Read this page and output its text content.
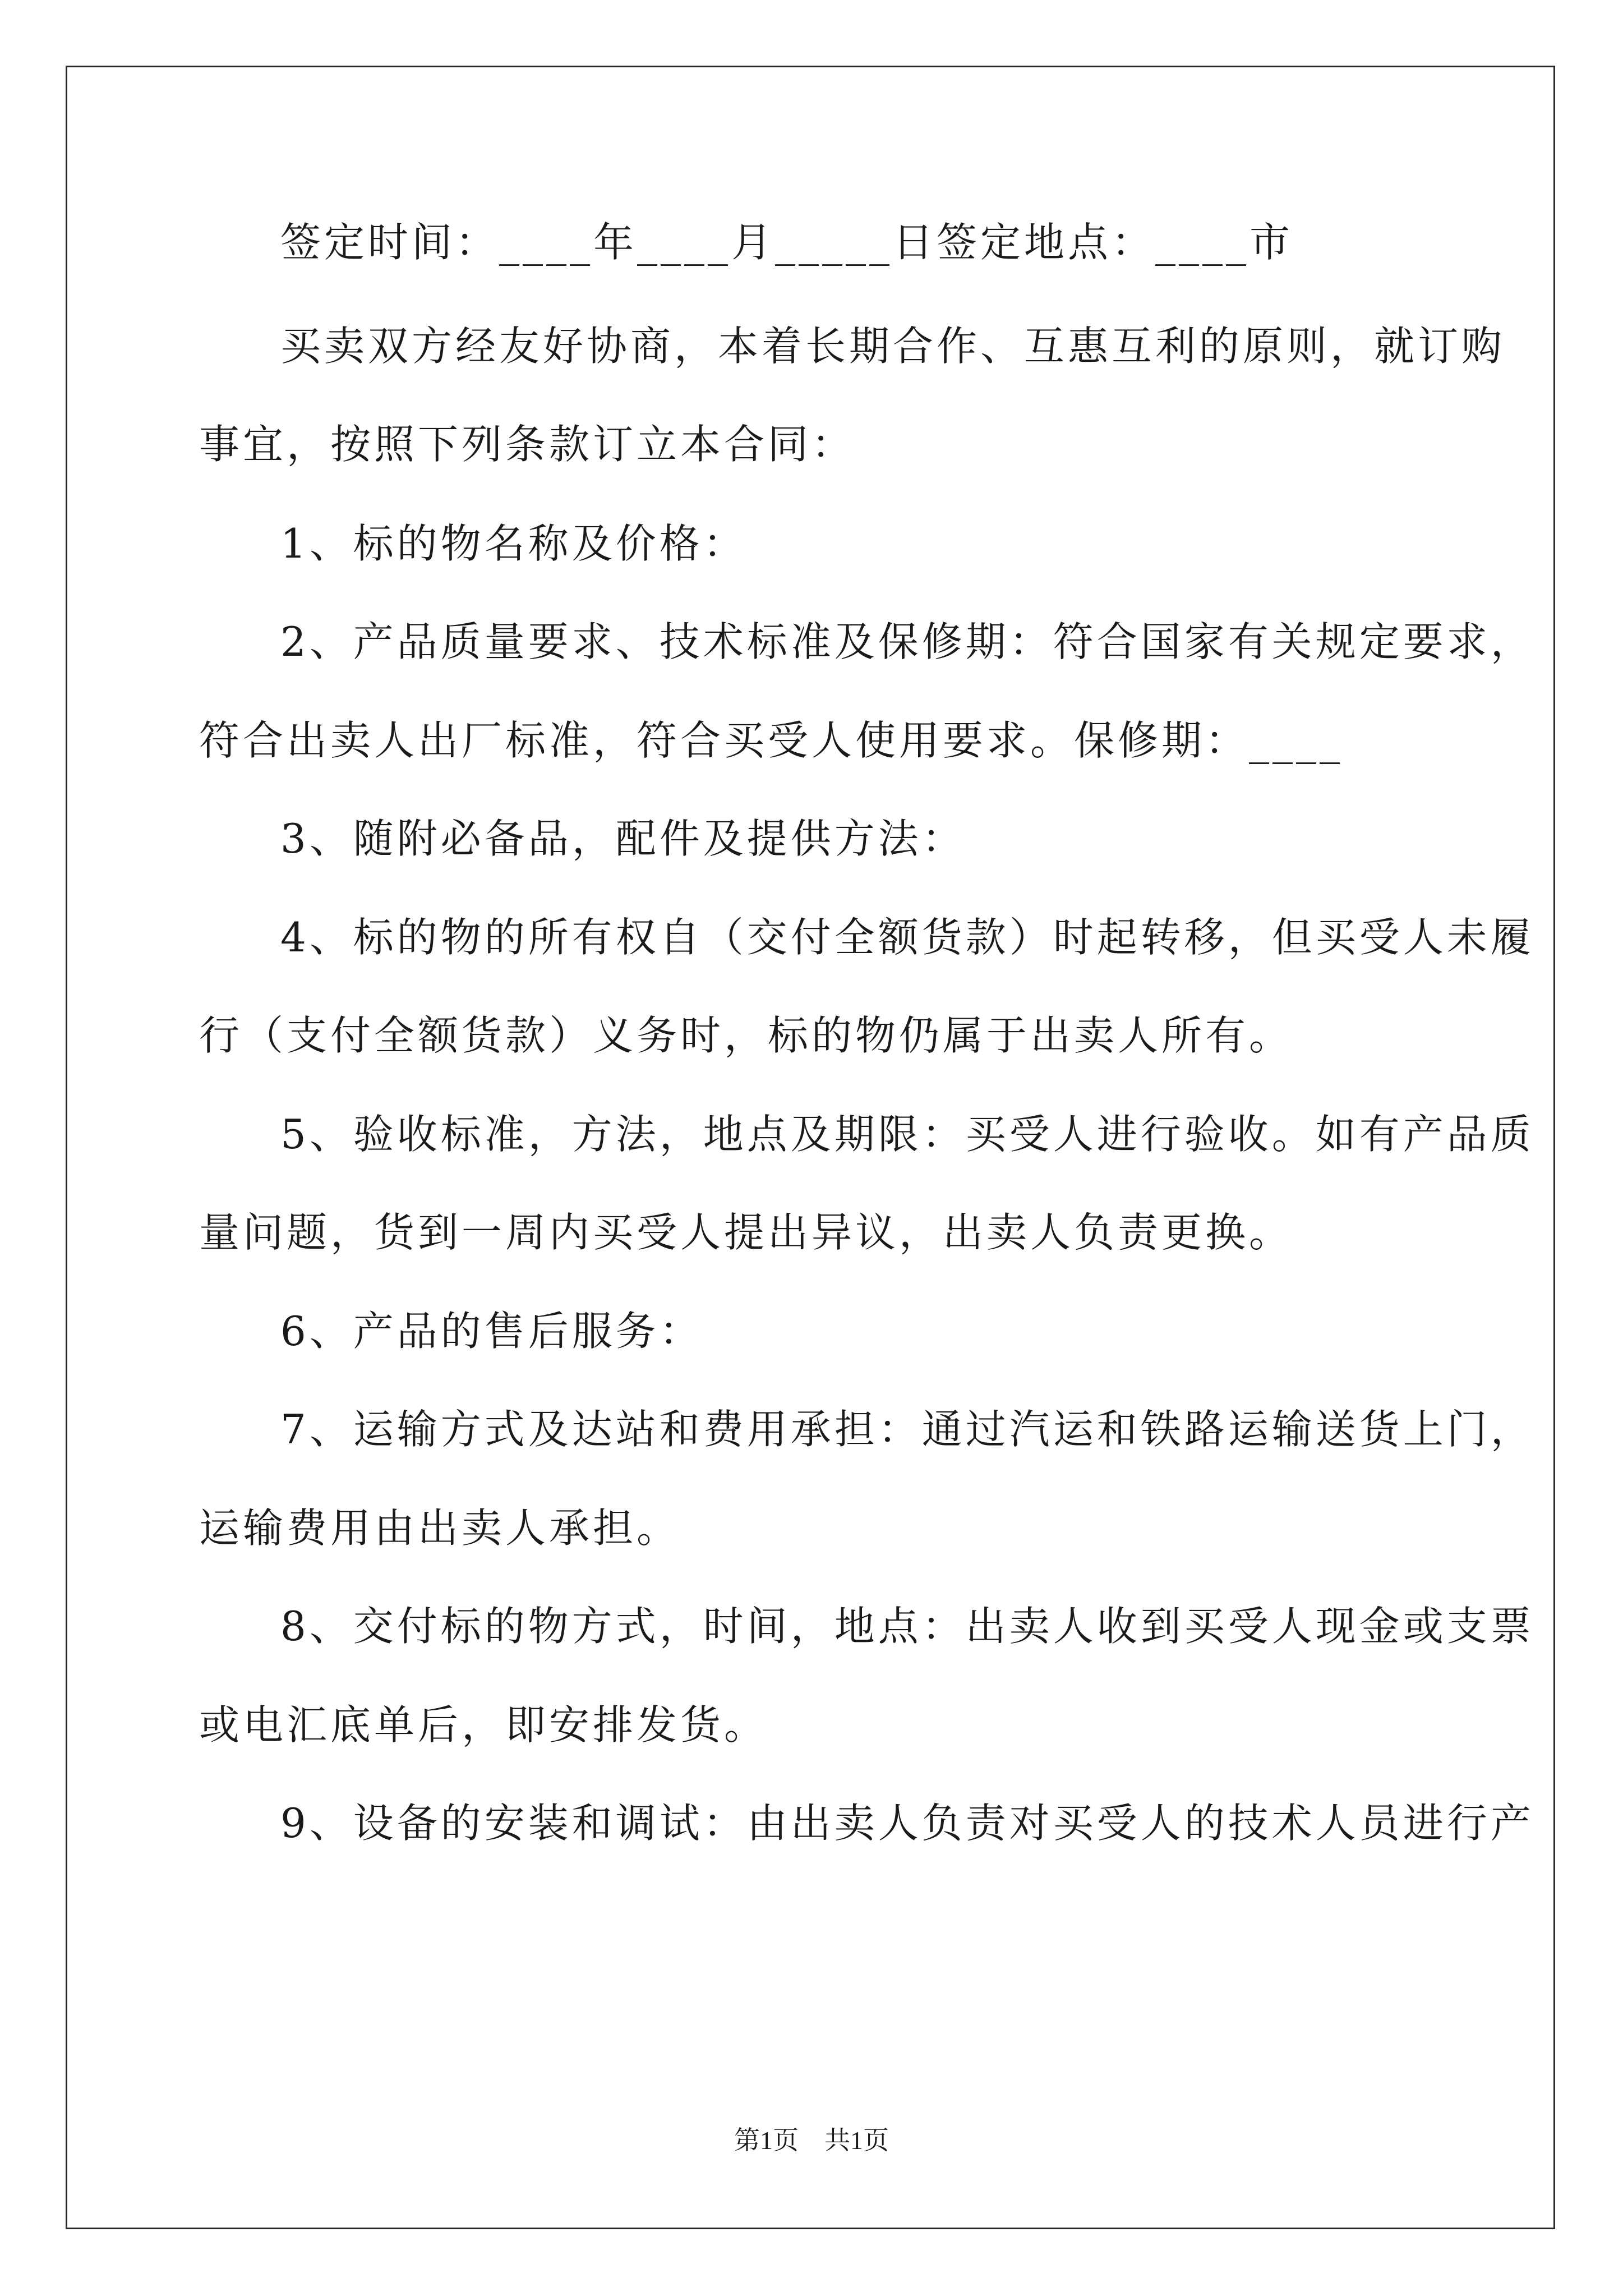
签定时间：____年____月_____日签定地点：____市
买卖双方经友好协商，本着长期合作、互惠互利的原则，就订购
事宜，按照下列条款订立本合同：
1、标的物名称及价格：
2、产品质量要求、技术标准及保修期：符合国家有关规定要求，
符合出卖人出厂标准，符合买受人使用要求。保修期：____
3、随附必备品，配件及提供方法：
4、标的物的所有权自（交付全额货款）时起转移，但买受人未履
行（支付全额货款）义务时，标的物仍属于出卖人所有。
5、验收标准，方法，地点及期限：买受人进行验收。如有产品质
量问题，货到一周内买受人提出异议，出卖人负责更换。
6、产品的售后服务：
7、运输方式及达站和费用承担：通过汽运和铁路运输送货上门，
运输费用由出卖人承担。
8、交付标的物方式，时间，地点：出卖人收到买受人现金或支票
或电汇底单后，即安排发货。
9、设备的安装和调试：由出卖人负责对买受人的技术人员进行产
第1页　共1页
